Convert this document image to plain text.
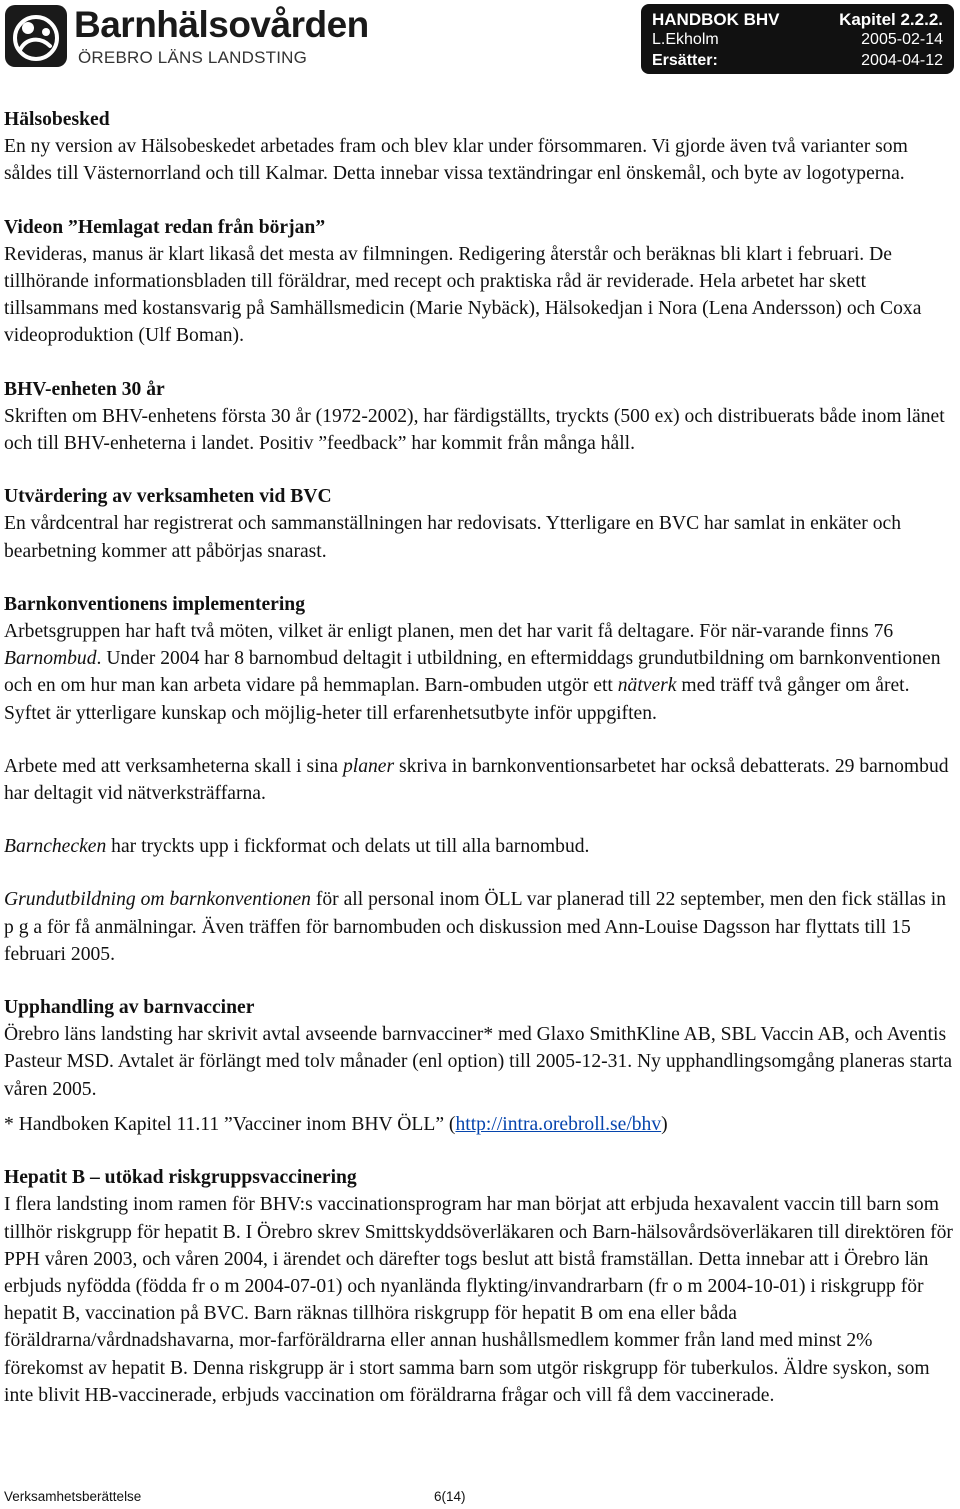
Barnhälsovården
ÖREBRO LÄNS LANDSTING
HANDBOK BHV	Kapitel 2.2.2.
L.Ekholm	2005-02-14
Ersätter:	2004-04-12
Hälsobesked
En ny version av Hälsobeskedet arbetades fram och blev klar under försommaren. Vi gjorde även två varianter som såldes till Västernorrland och till Kalmar. Detta innebar vissa textändringar enl önskemål, och byte av logotyperna.
Videon ”Hemlagat redan från början”
Revideras, manus är klart likaså det mesta av filmningen. Redigering återstår och beräknas bli klart i februari. De tillhörande informationsbladen till föräldrar, med recept och praktiska råd är reviderade. Hela arbetet har skett tillsammans med kostansvarig på Samhällsmedicin (Marie Nybäck), Hälsokedjan i Nora (Lena Andersson) och Coxa videoproduktion (Ulf Boman).
BHV-enheten 30 år
Skriften om BHV-enhetens första 30 år (1972-2002), har färdigställts, tryckts (500 ex) och distribuerats både inom länet och till BHV-enheterna i landet. Positiv ”feedback” har kommit från många håll.
Utvärdering av verksamheten vid BVC
En vårdcentral har registrerat och sammanställningen har redovisats. Ytterligare en BVC har samlat in enkäter och bearbetning kommer att påbörjas snarast.
Barnkonventionens implementering
Arbetsgruppen har haft två möten, vilket är enligt planen, men det har varit få deltagare. För när-varande finns 76 Barnombud. Under 2004 har 8 barnombud deltagit i utbildning, en eftermiddags grundutbildning om barnkonventionen och en om hur man kan arbeta vidare på hemmaplan. Barn-ombuden utgör ett nätverk med träff två gånger om året. Syftet är ytterligare kunskap och möjlig-heter till erfarenhetsutbyte inför uppgiften.
Arbete med att verksamheterna skall i sina planer skriva in barnkonventionsarbetet har också debatterats. 29 barnombud har deltagit vid nätverksträffarna.
Barnchecken har tryckts upp i fickformat och delats ut till alla barnombud.
Grundutbildning om barnkonventionen för all personal inom ÖLL var planerad till 22 september, men den fick ställas in p g a för få anmälningar. Även träffen för barnombuden och diskussion med Ann-Louise Dagsson har flyttats till 15 februari 2005.
Upphandling av barnvacciner
Örebro läns landsting har skrivit avtal avseende barnvacciner* med Glaxo SmithKline AB, SBL Vaccin AB, och Aventis Pasteur MSD. Avtalet är förlängt med tolv månader (enl option) till 2005-12-31. Ny upphandlingsomgång planeras starta våren 2005.
* Handboken Kapitel 11.11 ”Vacciner inom BHV ÖLL” (http://intra.orebroll.se/bhv)
Hepatit B – utökad riskgruppsvaccinering
I flera landsting inom ramen för BHV:s vaccinationsprogram har man börjat att erbjuda hexavalent vaccin till barn som tillhör riskgrupp för hepatit B. I Örebro skrev Smittskyddsöverläkaren och Barn-hälsovårdsöverläkaren till direktören för PPH våren 2003, och våren 2004, i ärendet och därefter togs beslut att bistå framställan. Detta innebar att i Örebro län erbjuds nyfödda (födda fr o m 2004-07-01) och nyanlända flykting/invandrarbarn (fr o m 2004-10-01) i riskgrupp för hepatit B, vaccination på BVC. Barn räknas tillhöra riskgrupp för hepatit B om ena eller båda föräldrarna/vårdnadshavarna, mor-farföräldrarna eller annan hushållsmedlem kommer från land med minst 2% förekomst av hepatit B. Denna riskgrupp är i stort samma barn som utgör riskgrupp för tuberkulos. Äldre syskon, som inte blivit HB-vaccinerade, erbjuds vaccination om föräldrarna frågar och vill få dem vaccinerade.
Verksamhetsberättelse	6(14)
